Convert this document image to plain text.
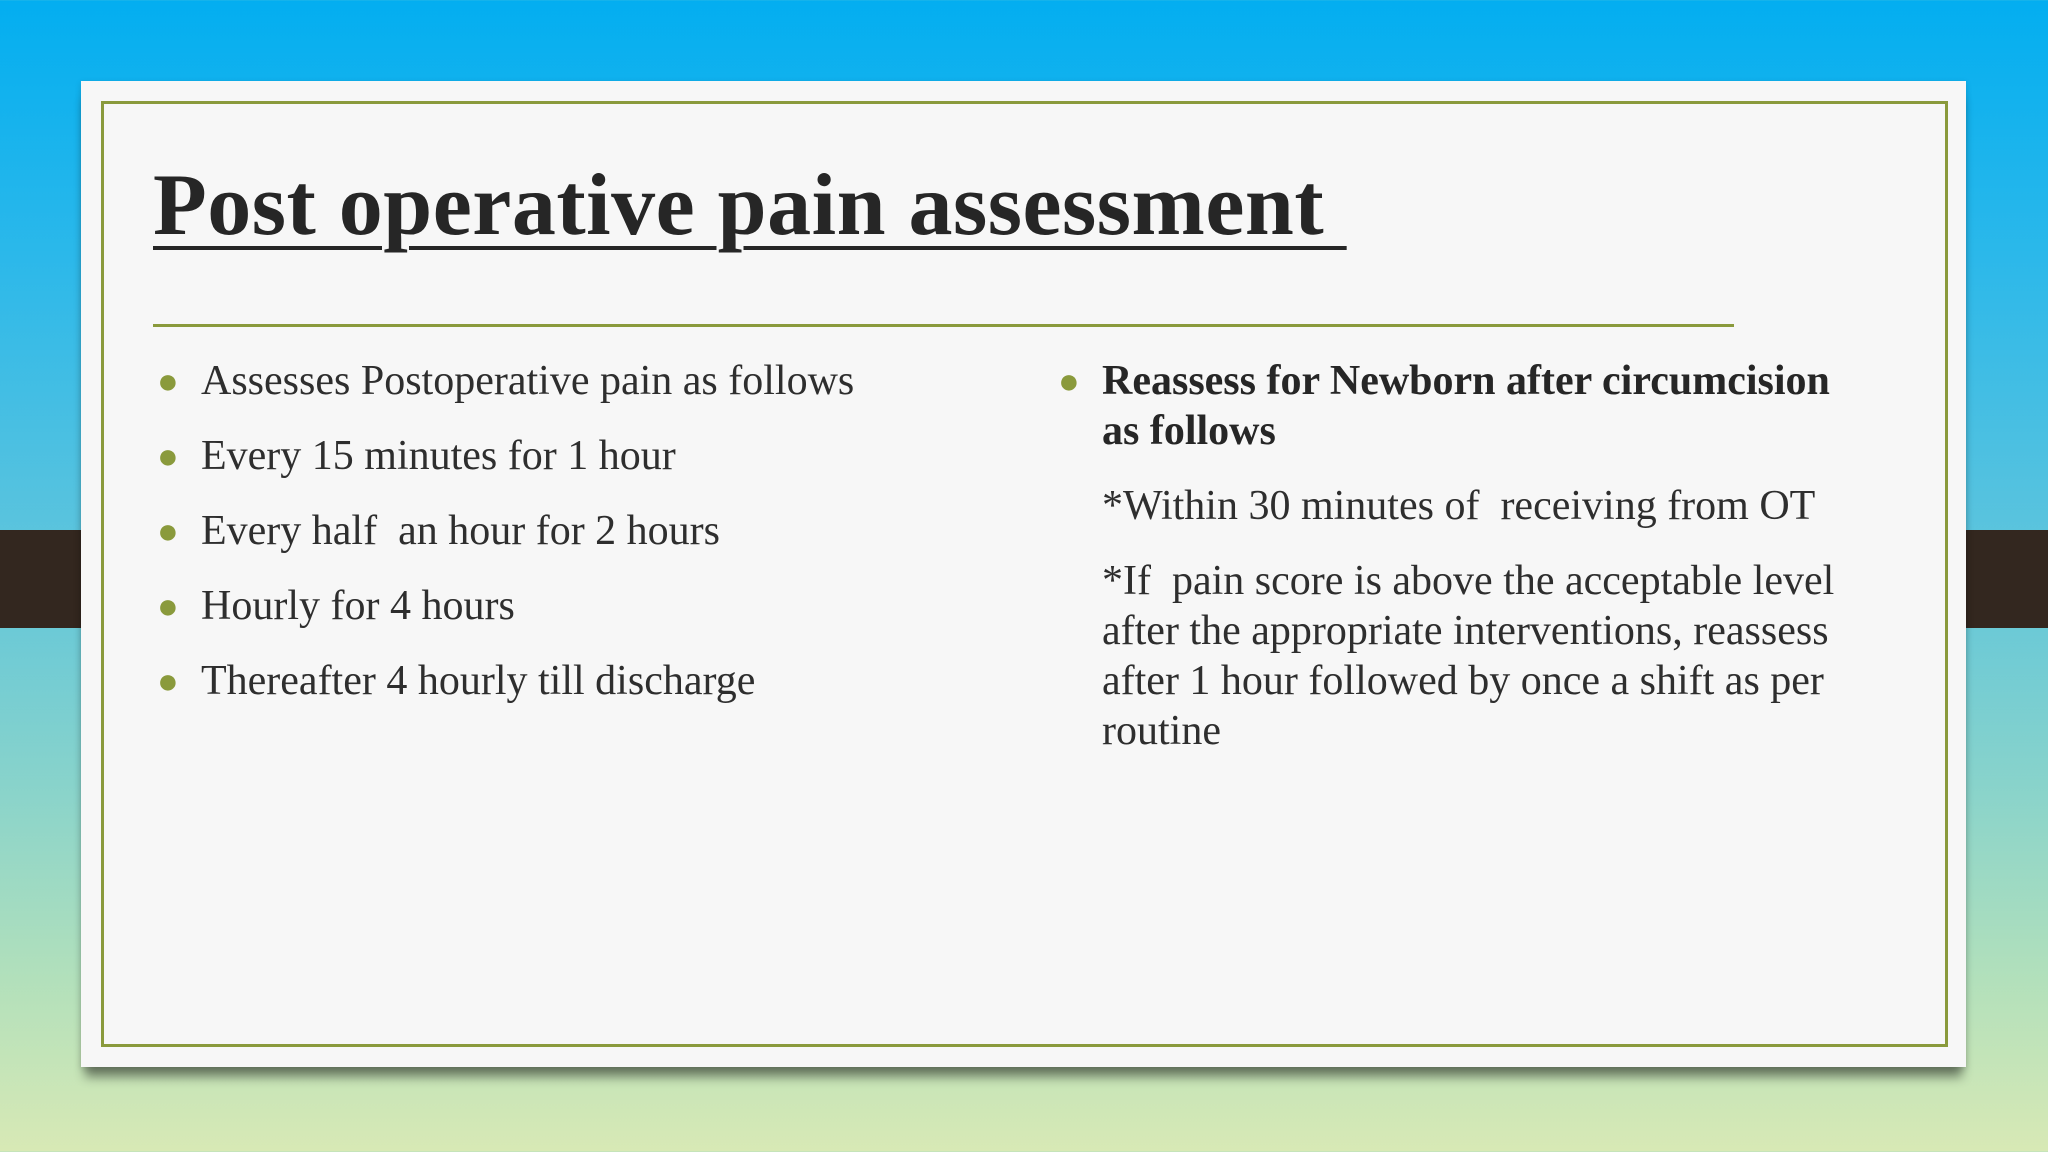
Post operative pain assessment
● Assesses Postoperative pain as follows
● Every 15 minutes for 1 hour
● Every half  an hour for 2 hours
● Hourly for 4 hours
● Thereafter 4 hourly till discharge
● Reassess for Newborn after circumcision as follows
*Within 30 minutes of  receiving from OT
*If  pain score is above the acceptable level after the appropriate interventions, reassess after 1 hour followed by once a shift as per routine
